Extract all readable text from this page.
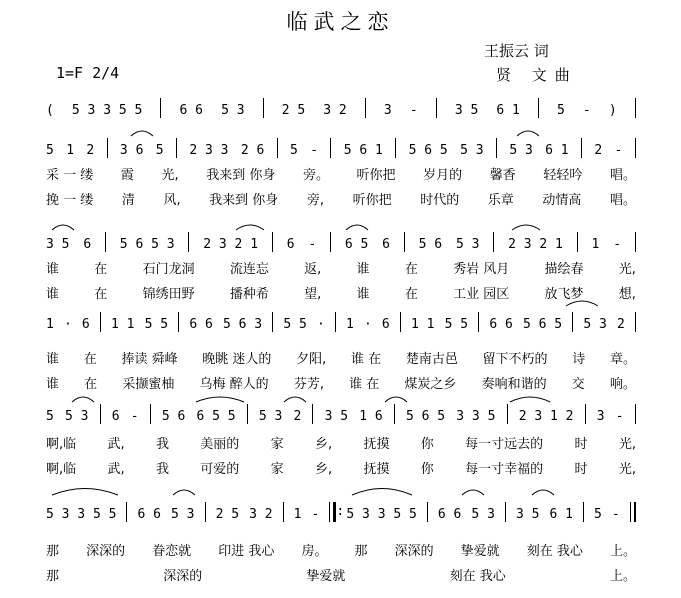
临武之恋
王振云 词
贤 文曲
1=F 2/4
( 5 3 3 5 5	6 6 5 3	2 5 3 2	3 -	3 5 6 1	5 - )
5 1 2 3 6 5 2 3 3 2 6 5 - 5 6 1 5 6 5 5 3 5 3 6 1 2 -
采 一 缕 霞 光, 我来到 你身 旁。 听你把 岁月的 馨香 轻轻吟 唱。
挽 一 缕 清 风, 我来到 你身 旁, 听你把 时代的 乐章 动情高 唱。
3 5 6 5 6 5 3 2 3 2 1 6 - 6 5 6 5 6 5 3 2 3 2 1 1 -
谁	在	石门龙洞	流连忘	返,	谁	在	秀岩 风月	描绘春	光,
谁	在	锦绣田野	播种希	望,	谁	在	工业 园区	放飞梦	想,
1 · 6 1 1 5 5 6 6 5 6 3 5 5 · 1 · 6 1 1 5 5 6 6 5 6 5 5 3 2
谁 在 捧读 舜峰 晚眺 迷人的 夕阳, 谁 在 楚南古邑 留下不朽的 诗 章。
谁 在 采撷蜜柚 乌梅 醉人的 芬芳, 谁 在 煤炭之乡 奏响和谐的 交 响。
5 5 3 6 - 5 6 6 5 5 5 3 2 3 5 1 6 5 6 5 3 3 5 2 3 1 2 3 -
啊,临 武, 我 美丽的 家 乡, 抚摸 你 每一寸远去的 时 光,
啊,临 武, 我 可爱的 家 乡, 抚摸 你 每一寸幸福的 时 光,
5 3 3 5 5 6 6 5 3 2 5 3 2 1 -
: 5 3 3 5 5 6 6 5 3 3 5 6 1 5 -
那 深深的 眷恋就 印进 我心 房。 那 深深的 挚爱就 刻在 我心 上。
那	深深的	挚爱就	刻在 我心	上。
